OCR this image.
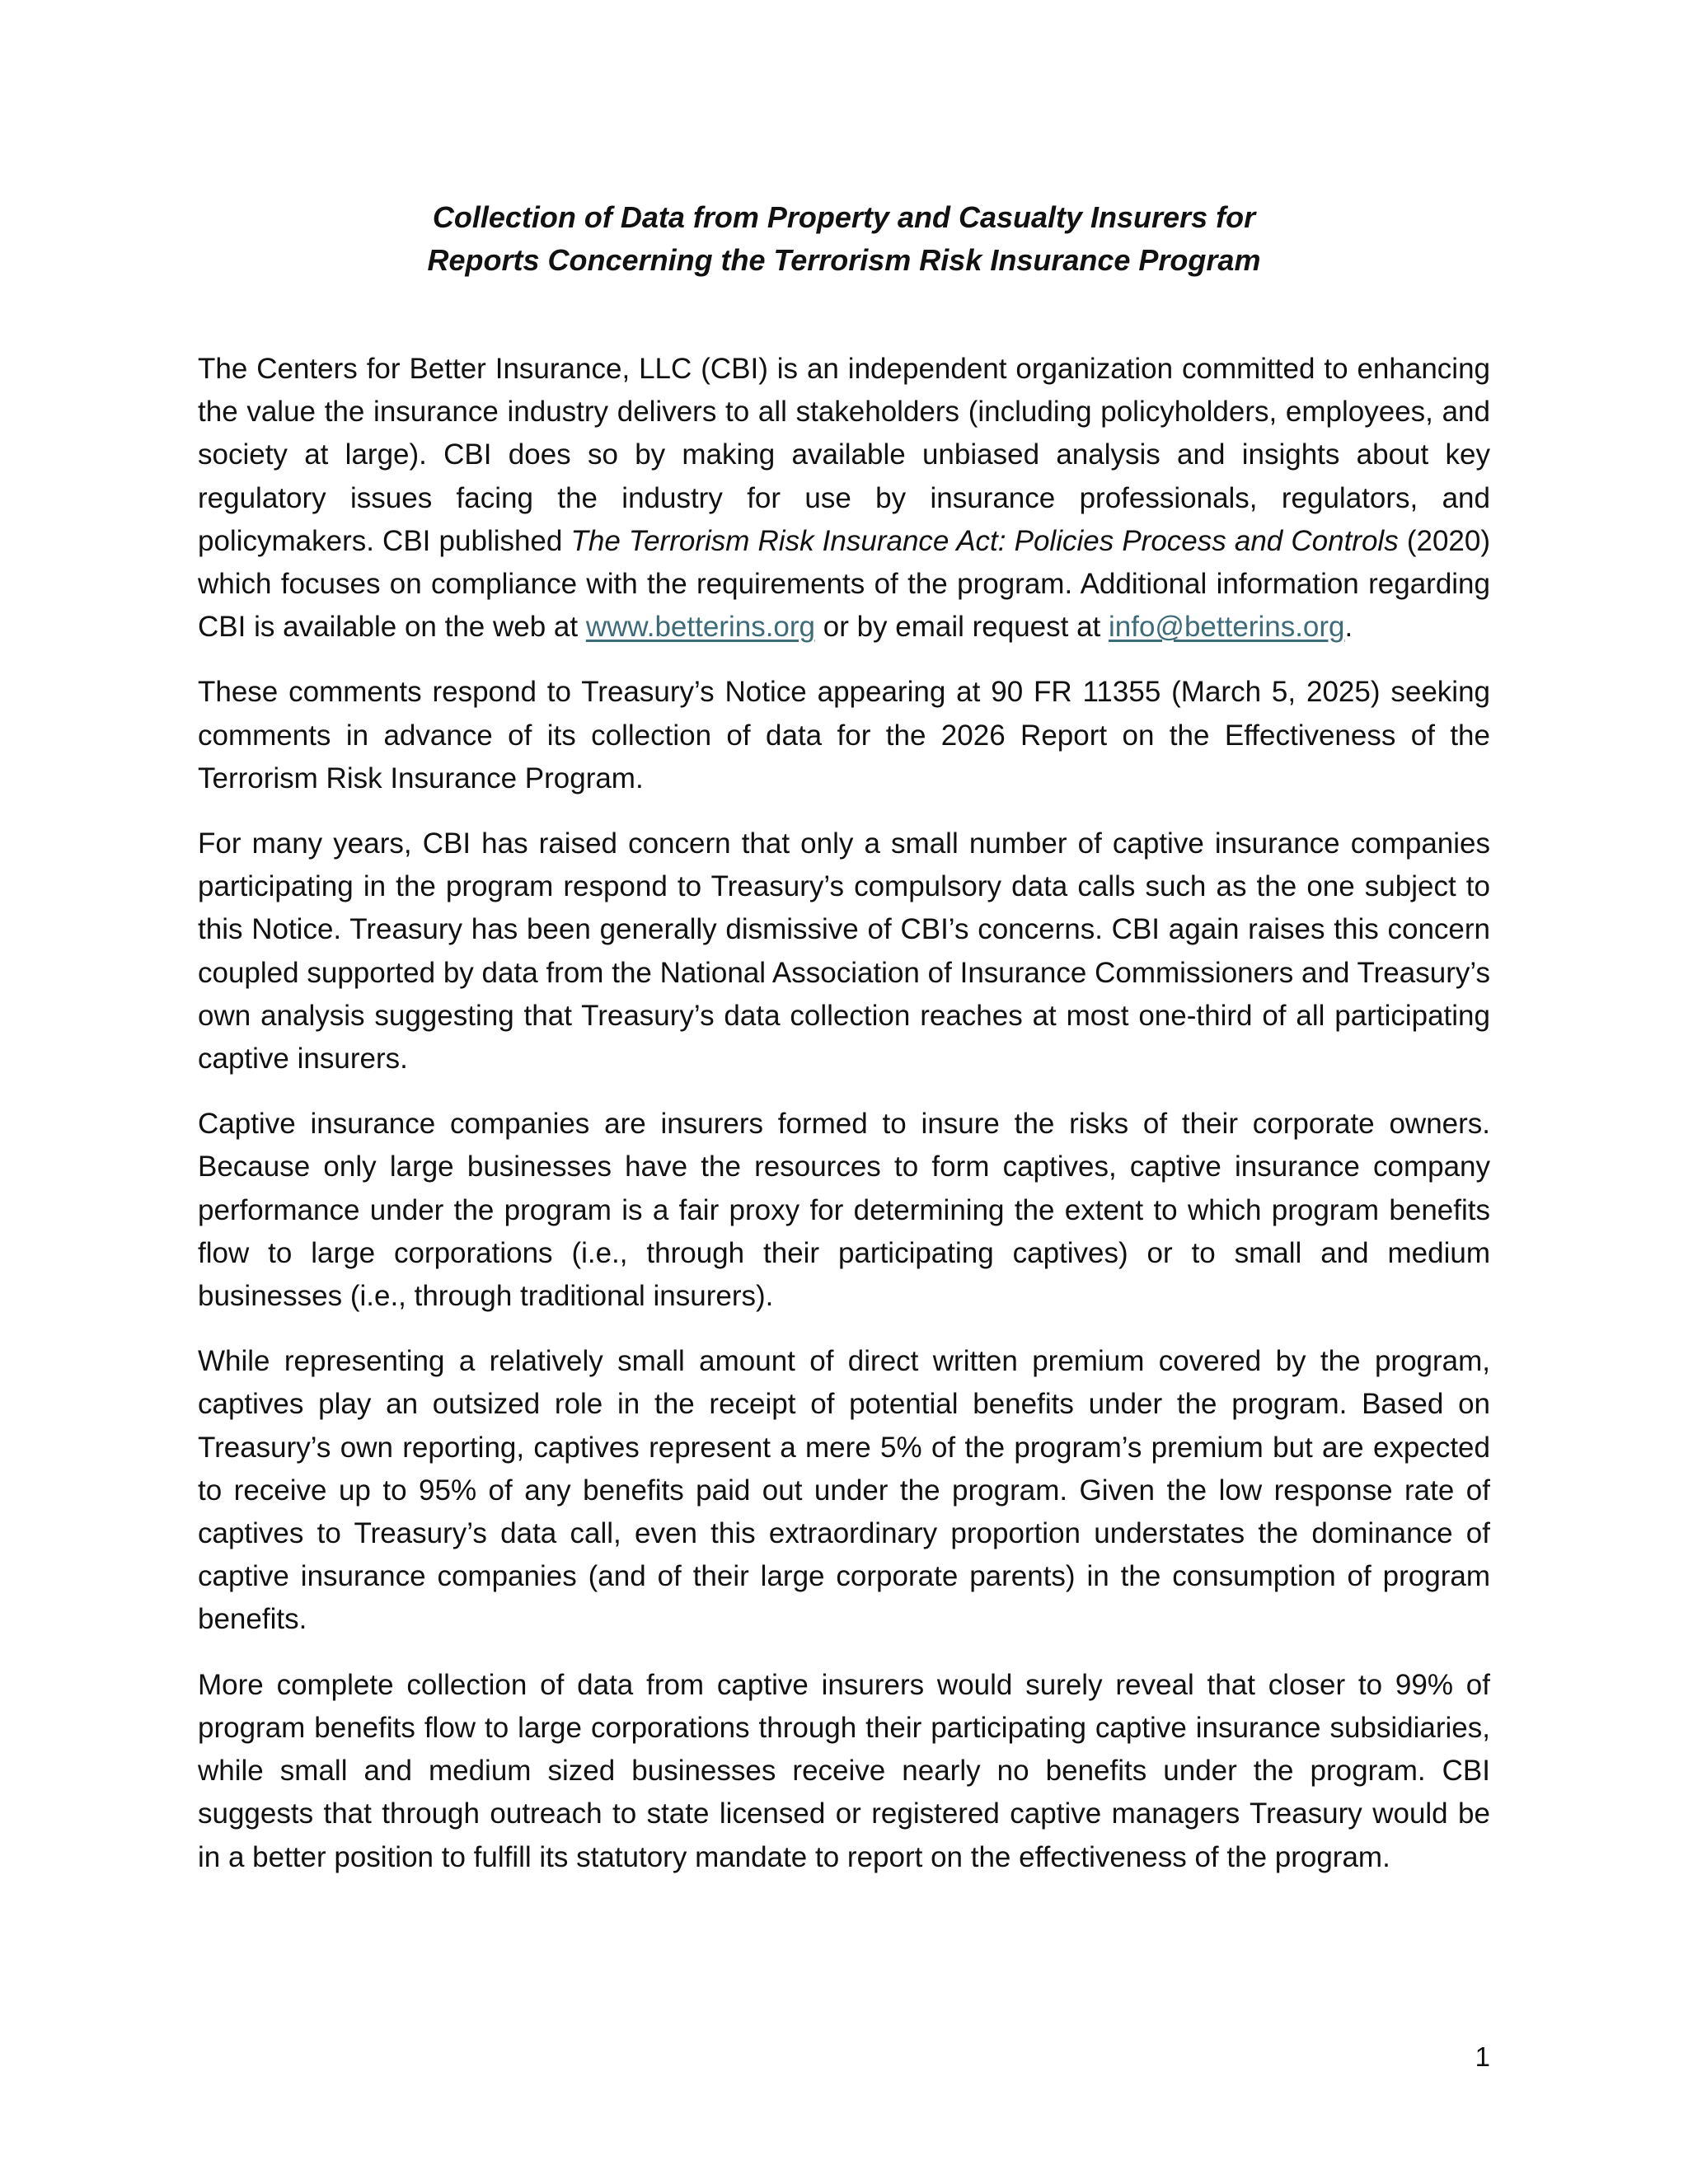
Collection of Data from Property and Casualty Insurers for
Reports Concerning the Terrorism Risk Insurance Program

The Centers for Better Insurance, LLC (CBI) is an independent organization committed to enhancing the value the insurance industry delivers to all stakeholders (including policyholders, employees, and society at large). CBI does so by making available unbiased analysis and insights about key regulatory issues facing the industry for use by insurance professionals, regulators, and policymakers. CBI published The Terrorism Risk Insurance Act: Policies Process and Controls (2020) which focuses on compliance with the requirements of the program. Additional information regarding CBI is available on the web at www.betterins.org or by email request at info@betterins.org.

These comments respond to Treasury’s Notice appearing at 90 FR 11355 (March 5, 2025) seeking comments in advance of its collection of data for the 2026 Report on the Effectiveness of the Terrorism Risk Insurance Program.

For many years, CBI has raised concern that only a small number of captive insurance companies participating in the program respond to Treasury’s compulsory data calls such as the one subject to this Notice. Treasury has been generally dismissive of CBI’s concerns. CBI again raises this concern coupled supported by data from the National Association of Insurance Commissioners and Treasury’s own analysis suggesting that Treasury’s data collection reaches at most one-third of all participating captive insurers.

Captive insurance companies are insurers formed to insure the risks of their corporate owners. Because only large businesses have the resources to form captives, captive insurance company performance under the program is a fair proxy for determining the extent to which program benefits flow to large corporations (i.e., through their participating captives) or to small and medium businesses (i.e., through traditional insurers).

While representing a relatively small amount of direct written premium covered by the program, captives play an outsized role in the receipt of potential benefits under the program. Based on Treasury’s own reporting, captives represent a mere 5% of the program’s premium but are expected to receive up to 95% of any benefits paid out under the program. Given the low response rate of captives to Treasury’s data call, even this extraordinary proportion understates the dominance of captive insurance companies (and of their large corporate parents) in the consumption of program benefits.

More complete collection of data from captive insurers would surely reveal that closer to 99% of program benefits flow to large corporations through their participating captive insurance subsidiaries, while small and medium sized businesses receive nearly no benefits under the program. CBI suggests that through outreach to state licensed or registered captive managers Treasury would be in a better position to fulfill its statutory mandate to report on the effectiveness of the program.

1
